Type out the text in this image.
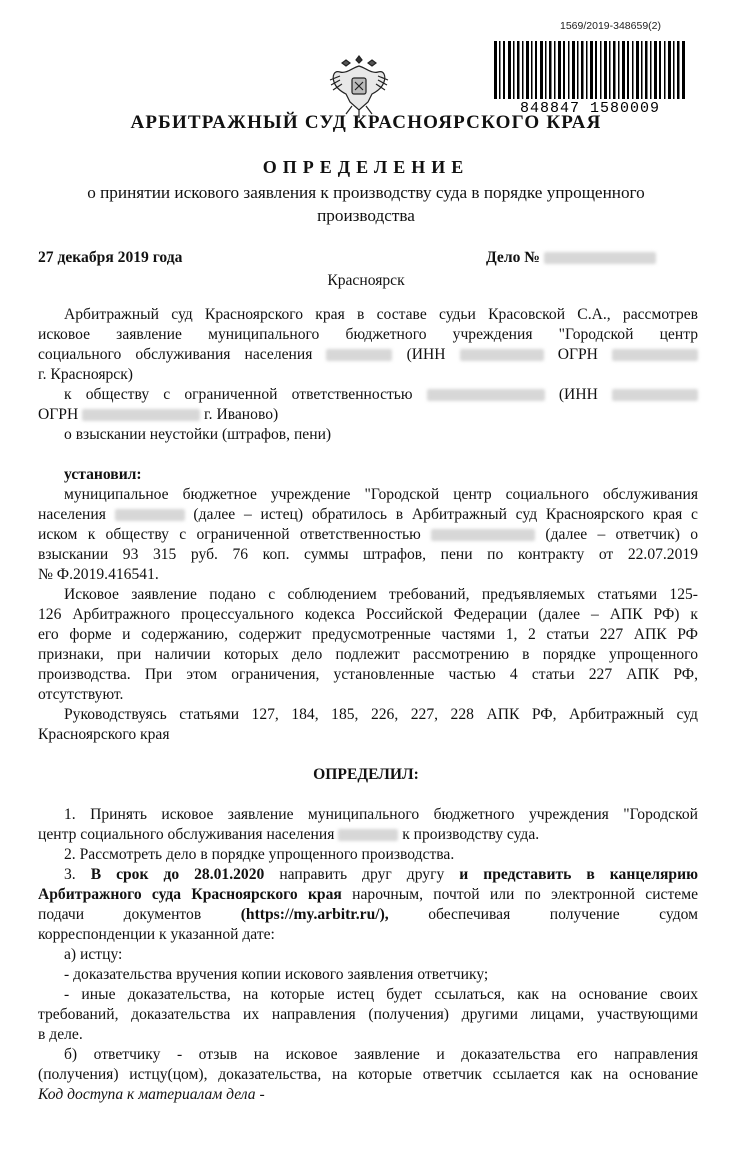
1569/2019-348659(2)
848847 1580009
АРБИТРАЖНЫЙ СУД КРАСНОЯРСКОГО КРАЯ
ОПРЕДЕЛЕНИЕ
о принятии искового заявления к производству суда в порядке упрощенного производства
27 декабря 2019 года	Дело №
Красноярск
Арбитражный суд Красноярского края в составе судьи Красовской С.А., рассмотрев
исковое заявление муниципального бюджетного учреждения "Городской центр
социального обслуживания населения	(ИНН	ОГРН
г. Красноярск)
к обществу с ограниченной ответственностью	(ИНН
ОГРН	г. Иваново)
о взыскании неустойки (штрафов, пени)
установил:
муниципальное бюджетное учреждение "Городской центр социального обслуживания
населения	(далее – истец) обратилось в Арбитражный суд Красноярского края с
иском к обществу с ограниченной ответственностью	(далее – ответчик) о
взыскании 93 315 руб. 76 коп. суммы штрафов, пени по контракту от 22.07.2019
№ Ф.2019.416541.
Исковое заявление подано с соблюдением требований, предъявляемых статьями 125-
126 Арбитражного процессуального кодекса Российской Федерации (далее – АПК РФ) к
его форме и содержанию, содержит предусмотренные частями 1, 2 статьи 227 АПК РФ
признаки, при наличии которых дело подлежит рассмотрению в порядке упрощенного
производства. При этом ограничения, установленные частью 4 статьи 227 АПК РФ,
отсутствуют.
Руководствуясь статьями 127, 184, 185, 226, 227, 228 АПК РФ, Арбитражный суд
Красноярского края
ОПРЕДЕЛИЛ:
1. Принять исковое заявление муниципального бюджетного учреждения "Городской
центр социального обслуживания населения	к производству суда.
2. Рассмотреть дело в порядке упрощенного производства.
3. В срок до 28.01.2020 направить друг другу и представить в канцелярию
Арбитражного суда Красноярского края нарочным, почтой или по электронной системе
подачи документов	(https://my.arbitr.ru/),	обеспечивая получение судом
корреспонденции к указанной дате:
а) истцу:
- доказательства вручения копии искового заявления ответчику;
- иные доказательства, на которые истец будет ссылаться, как на основание своих
требований, доказательства их направления (получения) другими лицами, участвующими
в деле.
б) ответчику - отзыв на исковое заявление и доказательства его направления
(получения) истцу(цом), доказательства, на которые ответчик ссылается как на основание
Код доступа к материалам дела -
